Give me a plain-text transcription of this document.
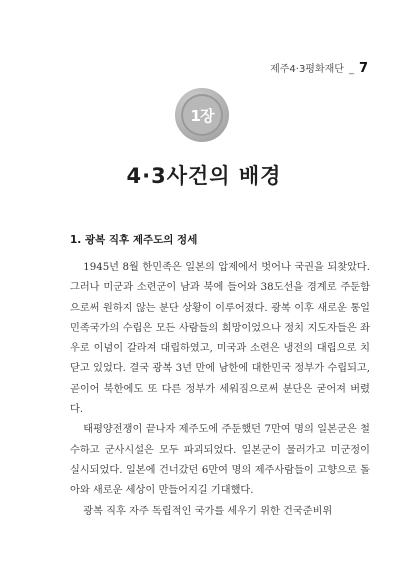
제주4·3평화재단 _ 7
1장
4·3사건의 배경
1. 광복 직후 제주도의 정세

1945년 8월 한민족은 일본의 압제에서 벗어나 국권을 되찾았다. 그러나 미군과 소련군이 남과 북에 들어와 38도선을 경계로 주둔함으로써 원하지 않는 분단 상황이 이루어졌다. 광복 이후 새로운 통일 민족국가의 수립은 모든 사람들의 희망이었으나 정치 지도자들은 좌우로 이념이 갈라져 대립하였고, 미국과 소련은 냉전의 대립으로 치닫고 있었다. 결국 광복 3년 만에 남한에 대한민국 정부가 수립되고, 곧이어 북한에도 또 다른 정부가 세워짐으로써 분단은 굳어져 버렸다.

태평양전쟁이 끝나자 제주도에 주둔했던 7만여 명의 일본군은 철수하고 군사시설은 모두 파괴되었다. 일본군이 물러가고 미군정이 실시되었다. 일본에 건너갔던 6만여 명의 제주사람들이 고향으로 돌아와 새로운 세상이 만들어지길 기대했다.

광복 직후 자주 독립적인 국가를 세우기 위한 건국준비위
